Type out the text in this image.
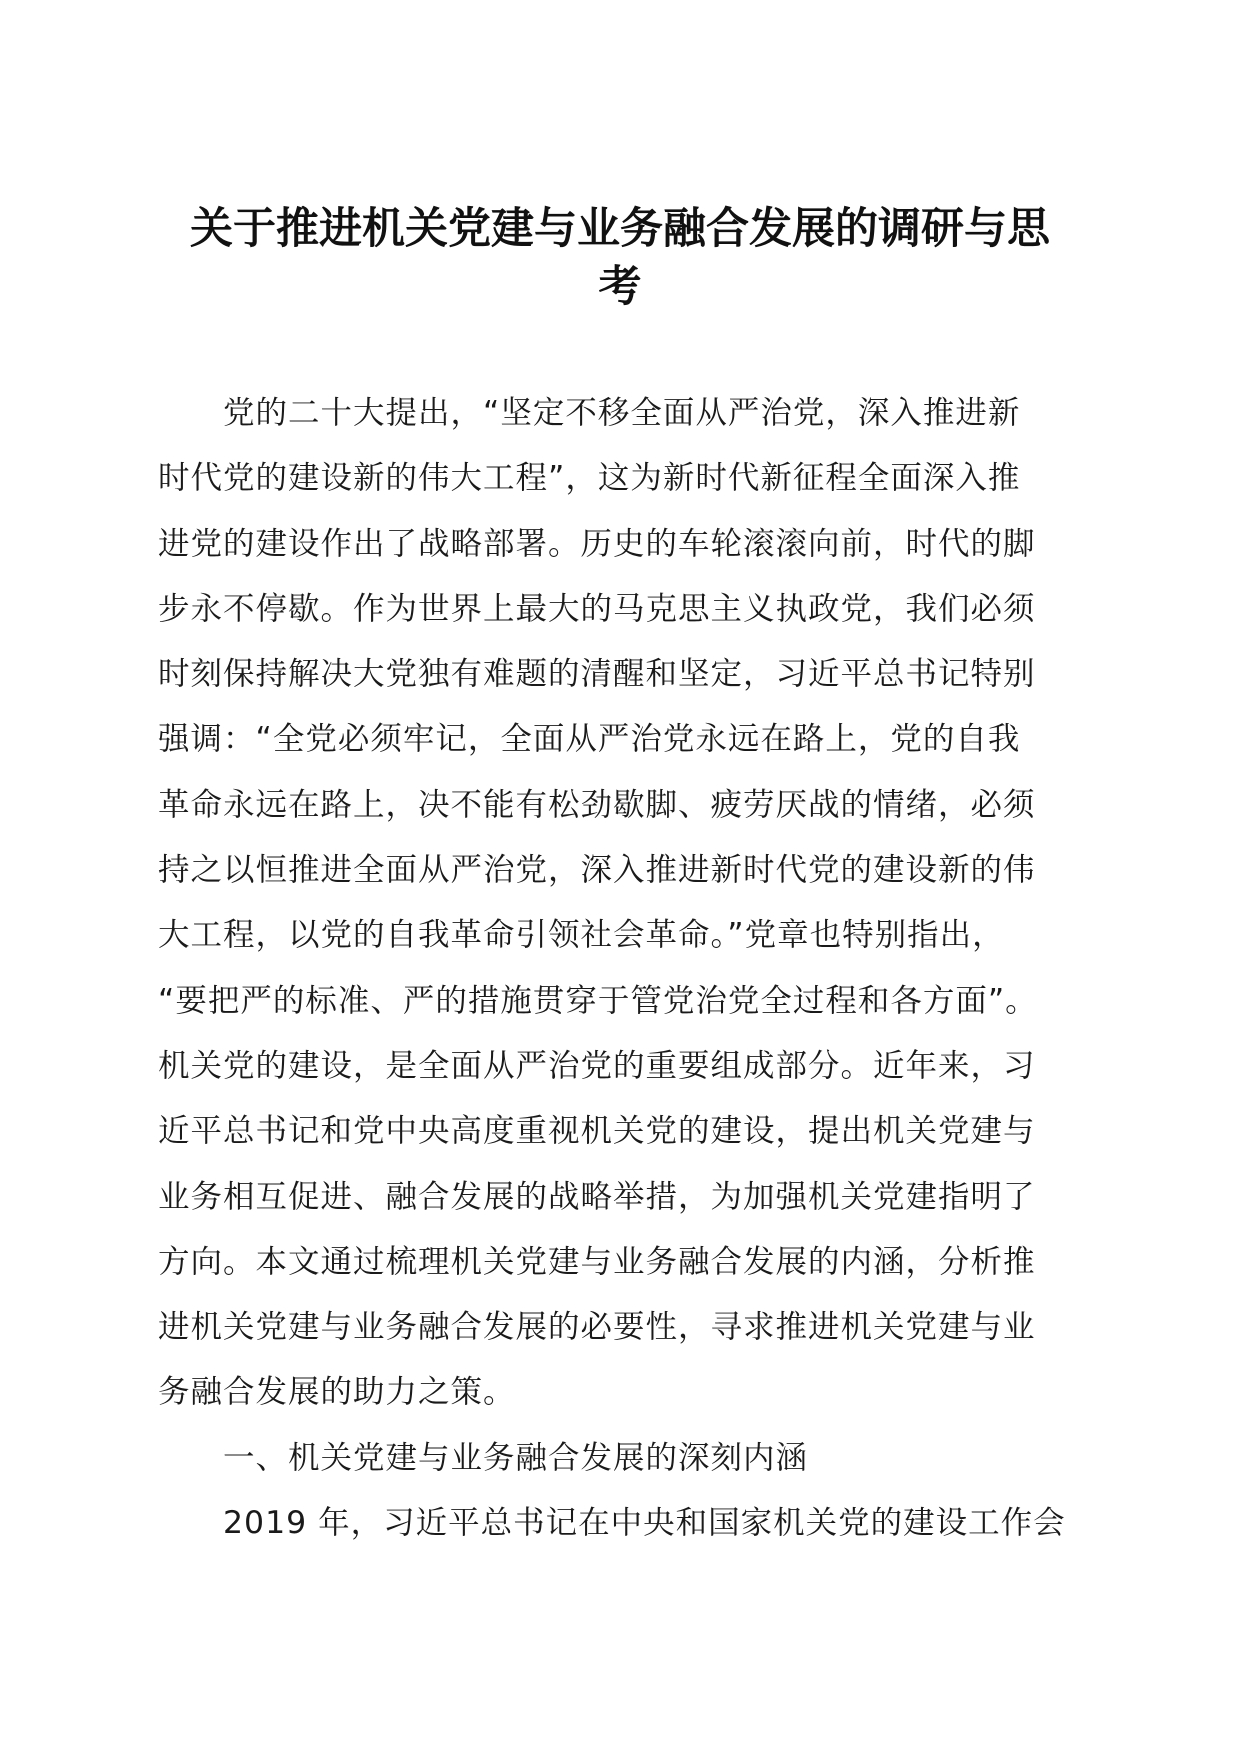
关于推进机关党建与业务融合发展的调研与思
考
党的二十大提出，“坚定不移全面从严治党，深入推进新
时代党的建设新的伟大工程”，这为新时代新征程全面深入推
进党的建设作出了战略部署。历史的车轮滚滚向前，时代的脚
步永不停歇。作为世界上最大的马克思主义执政党，我们必须
时刻保持解决大党独有难题的清醒和坚定，习近平总书记特别
强调：“全党必须牢记，全面从严治党永远在路上，党的自我
革命永远在路上，决不能有松劲歇脚、疲劳厌战的情绪，必须
持之以恒推进全面从严治党，深入推进新时代党的建设新的伟
大工程，以党的自我革命引领社会革命。”党章也特别指出，
“要把严的标准、严的措施贯穿于管党治党全过程和各方面”。
机关党的建设，是全面从严治党的重要组成部分。近年来，习
近平总书记和党中央高度重视机关党的建设，提出机关党建与
业务相互促进、融合发展的战略举措，为加强机关党建指明了
方向。本文通过梳理机关党建与业务融合发展的内涵，分析推
进机关党建与业务融合发展的必要性，寻求推进机关党建与业
务融合发展的助力之策。
一、机关党建与业务融合发展的深刻内涵
2019 年，习近平总书记在中央和国家机关党的建设工作会
